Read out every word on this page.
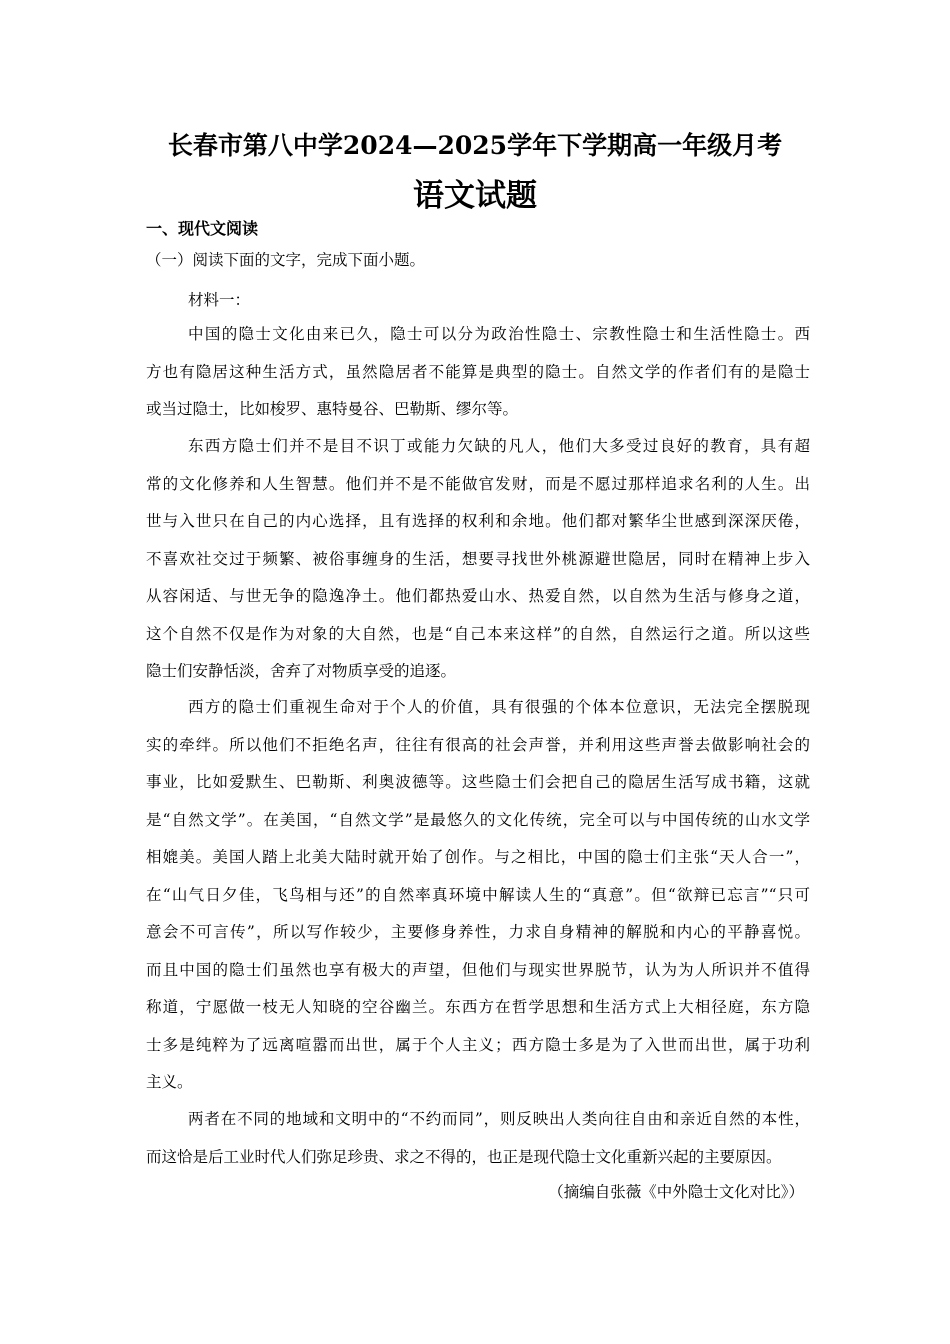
长春市第八中学2024—2025学年下学期高一年级月考
语文试题
一、现代文阅读
（一）阅读下面的文字，完成下面小题。
材料一：
中国的隐士文化由来已久，隐士可以分为政治性隐士、宗教性隐士和生活性隐士。西
方也有隐居这种生活方式，虽然隐居者不能算是典型的隐士。自然文学的作者们有的是隐士
或当过隐士，比如梭罗、惠特曼谷、巴勒斯、缪尔等。
东西方隐士们并不是目不识丁或能力欠缺的凡人，他们大多受过良好的教育，具有超
常的文化修养和人生智慧。他们并不是不能做官发财，而是不愿过那样追求名利的人生。出
世与入世只在自己的内心选择，且有选择的权利和余地。他们都对繁华尘世感到深深厌倦，
不喜欢社交过于频繁、被俗事缠身的生活，想要寻找世外桃源避世隐居，同时在精神上步入
从容闲适、与世无争的隐逸净土。他们都热爱山水、热爱自然，以自然为生活与修身之道，
这个自然不仅是作为对象的大自然，也是“自己本来这样”的自然，自然运行之道。所以这些
隐士们安静恬淡，舍弃了对物质享受的追逐。
西方的隐士们重视生命对于个人的价值，具有很强的个体本位意识，无法完全摆脱现
实的牵绊。所以他们不拒绝名声，往往有很高的社会声誉，并利用这些声誉去做影响社会的
事业，比如爱默生、巴勒斯、利奥波德等。这些隐士们会把自己的隐居生活写成书籍，这就
是“自然文学”。在美国，“自然文学”是最悠久的文化传统，完全可以与中国传统的山水文学
相媲美。美国人踏上北美大陆时就开始了创作。与之相比，中国的隐士们主张“天人合一”，
在“山气日夕佳，飞鸟相与还”的自然率真环境中解读人生的“真意”。但“欲辩已忘言”“只可
意会不可言传”，所以写作较少，主要修身养性，力求自身精神的解脱和内心的平静喜悦。
而且中国的隐士们虽然也享有极大的声望，但他们与现实世界脱节，认为为人所识并不值得
称道，宁愿做一枝无人知晓的空谷幽兰。东西方在哲学思想和生活方式上大相径庭，东方隐
士多是纯粹为了远离喧嚣而出世，属于个人主义；西方隐士多是为了入世而出世，属于功利
主义。
两者在不同的地域和文明中的“不约而同”，则反映出人类向往自由和亲近自然的本性，
而这恰是后工业时代人们弥足珍贵、求之不得的，也正是现代隐士文化重新兴起的主要原因。
（摘编自张薇《中外隐士文化对比》）
